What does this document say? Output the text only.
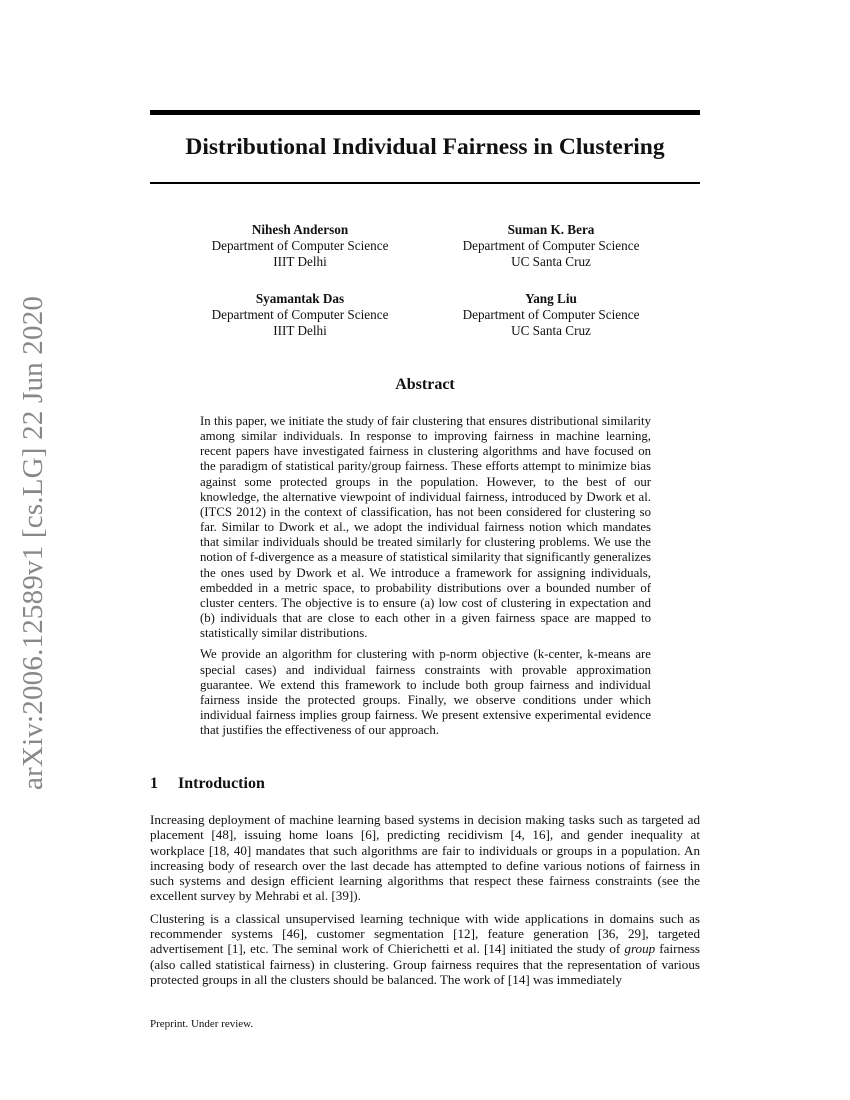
arXiv:2006.12589v1 [cs.LG] 22 Jun 2020
Distributional Individual Fairness in Clustering
Nihesh Anderson
Department of Computer Science
IIIT Delhi
Suman K. Bera
Department of Computer Science
UC Santa Cruz
Syamantak Das
Department of Computer Science
IIIT Delhi
Yang Liu
Department of Computer Science
UC Santa Cruz
Abstract

In this paper, we initiate the study of fair clustering that ensures distributional similarity among similar individuals. In response to improving fairness in machine learning, recent papers have investigated fairness in clustering algorithms and have focused on the paradigm of statistical parity/group fairness. These efforts attempt to minimize bias against some protected groups in the population. However, to the best of our knowledge, the alternative viewpoint of individual fairness, introduced by Dwork et al. (ITCS 2012) in the context of classification, has not been considered for clustering so far. Similar to Dwork et al., we adopt the individual fairness notion which mandates that similar individuals should be treated similarly for clustering problems. We use the notion of f-divergence as a measure of statistical similarity that significantly generalizes the ones used by Dwork et al. We introduce a framework for assigning individuals, embedded in a metric space, to probability distributions over a bounded number of cluster centers. The objective is to ensure (a) low cost of clustering in expectation and (b) individuals that are close to each other in a given fairness space are mapped to statistically similar distributions.

We provide an algorithm for clustering with p-norm objective (k-center, k-means are special cases) and individual fairness constraints with provable approximation guarantee. We extend this framework to include both group fairness and individual fairness inside the protected groups. Finally, we observe conditions under which individual fairness implies group fairness. We present extensive experimental evidence that justifies the effectiveness of our approach.

1 Introduction

Increasing deployment of machine learning based systems in decision making tasks such as targeted ad placement [48], issuing home loans [6], predicting recidivism [4, 16], and gender inequality at workplace [18, 40] mandates that such algorithms are fair to individuals or groups in a population. An increasing body of research over the last decade has attempted to define various notions of fairness in such systems and design efficient learning algorithms that respect these fairness constraints (see the excellent survey by Mehrabi et al. [39]).

Clustering is a classical unsupervised learning technique with wide applications in domains such as recommender systems [46], customer segmentation [12], feature generation [36, 29], targeted advertisement [1], etc. The seminal work of Chierichetti et al. [14] initiated the study of group fairness (also called statistical fairness) in clustering. Group fairness requires that the representation of various protected groups in all the clusters should be balanced. The work of [14] was immediately

Preprint. Under review.
